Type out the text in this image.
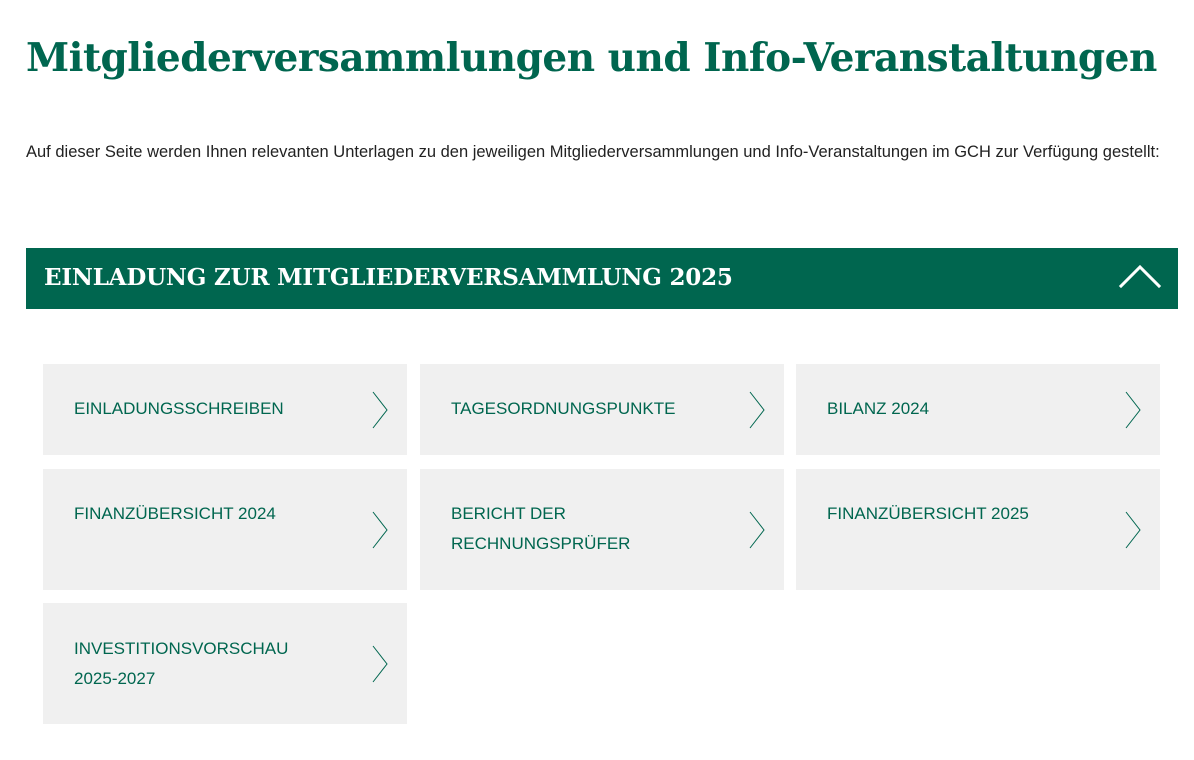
Mitgliederversammlungen und Info-Veranstaltungen

Auf dieser Seite werden Ihnen relevanten Unterlagen zu den jeweiligen Mitgliederversammlungen und Info-Veranstaltungen im GCH zur Verfügung gestellt:

EINLADUNG ZUR MITGLIEDERVERSAMMLUNG 2025
EINLADUNGSSCHREIBEN	TAGESORDNUNGSPUNKTE	BILANZ 2024
FINANZÜBERSICHT 2024	BERICHT DER RECHNUNGSPRÜFER
FINANZÜBERSICHT 2025
INVESTITIONSVORSCHAU 2025-2027
